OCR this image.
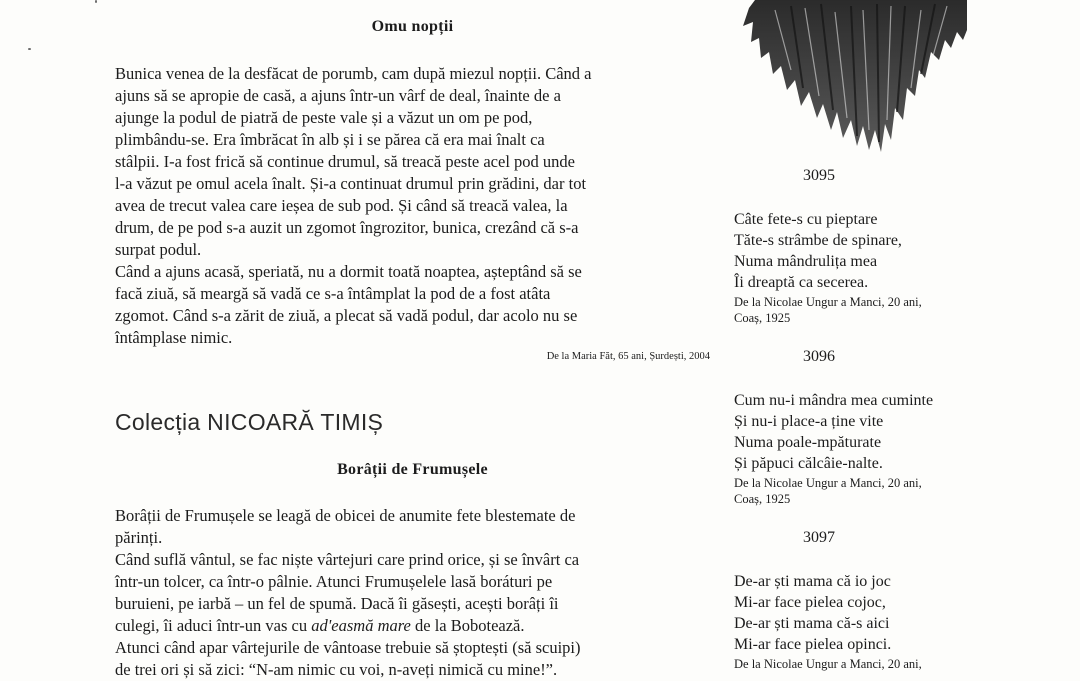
Omu nopții
Bunica venea de la desfăcat de porumb, cam după miezul nopții. Când a
ajuns să se apropie de casă, a ajuns într-un vârf de deal, înainte de a
ajunge la podul de piatră de peste vale și a văzut un om pe pod,
plimbându-se. Era îmbrăcat în alb și i se părea că era mai înalt ca
stâlpii. I-a fost frică să continue drumul, să treacă peste acel pod unde
l-a văzut pe omul acela înalt. Și-a continuat drumul prin grădini, dar tot
avea de trecut valea care ieșea de sub pod. Și când să treacă valea, la
drum, de pe pod s-a auzit un zgomot îngrozitor, bunica, crezând că s-a
surpat podul.
Când a ajuns acasă, speriată, nu a dormit toată noaptea, așteptând să se
facă ziuă, să meargă să vadă ce s-a întâmplat la pod de a fost atâta
zgomot. Când s-a zărit de ziuă, a plecat să vadă podul, dar acolo nu se
întâmplase nimic.
De la Maria Făt, 65 ani, Șurdești, 2004
Colecția NICOARĂ TIMIȘ
Borâții de Frumușele
Borâții de Frumușele se leagă de obicei de anumite fete blestemate de
părinți.
Când suflă vântul, se fac niște vârtejuri care prind orice, și se învârt ca
într-un tolcer, ca într-o pâlnie. Atunci Frumușelele lasă boráturi pe
buruieni, pe iarbă – un fel de spumă. Dacă îi găsești, acești borâți îi
culegi, îi aduci într-un vas cu ad'easmă mare de la Bobotează.
Atunci când apar vârtejurile de vântoase trebuie să ștoptești (să scuipi)
de trei ori și să zici: “N-am nimic cu voi, n-aveți nimică cu mine!”.
3095
Câte fete-s cu pieptare
Tăte-s strâmbe de spinare,
Numa mândrulița mea
Îi dreaptă ca secerea.
De la Nicolae Ungur a Manci, 20 ani,
Coaș, 1925
3096
Cum nu-i mândra mea cuminte
Și nu-i place-a ține vite
Numa poale-mpăturate
Și păpuci călcâie-nalte.
De la Nicolae Ungur a Manci, 20 ani,
Coaș, 1925
3097
De-ar ști mama că io joc
Mi-ar face pielea cojoc,
De-ar ști mama că-s aici
Mi-ar face pielea opinci.
De la Nicolae Ungur a Manci, 20 ani,
